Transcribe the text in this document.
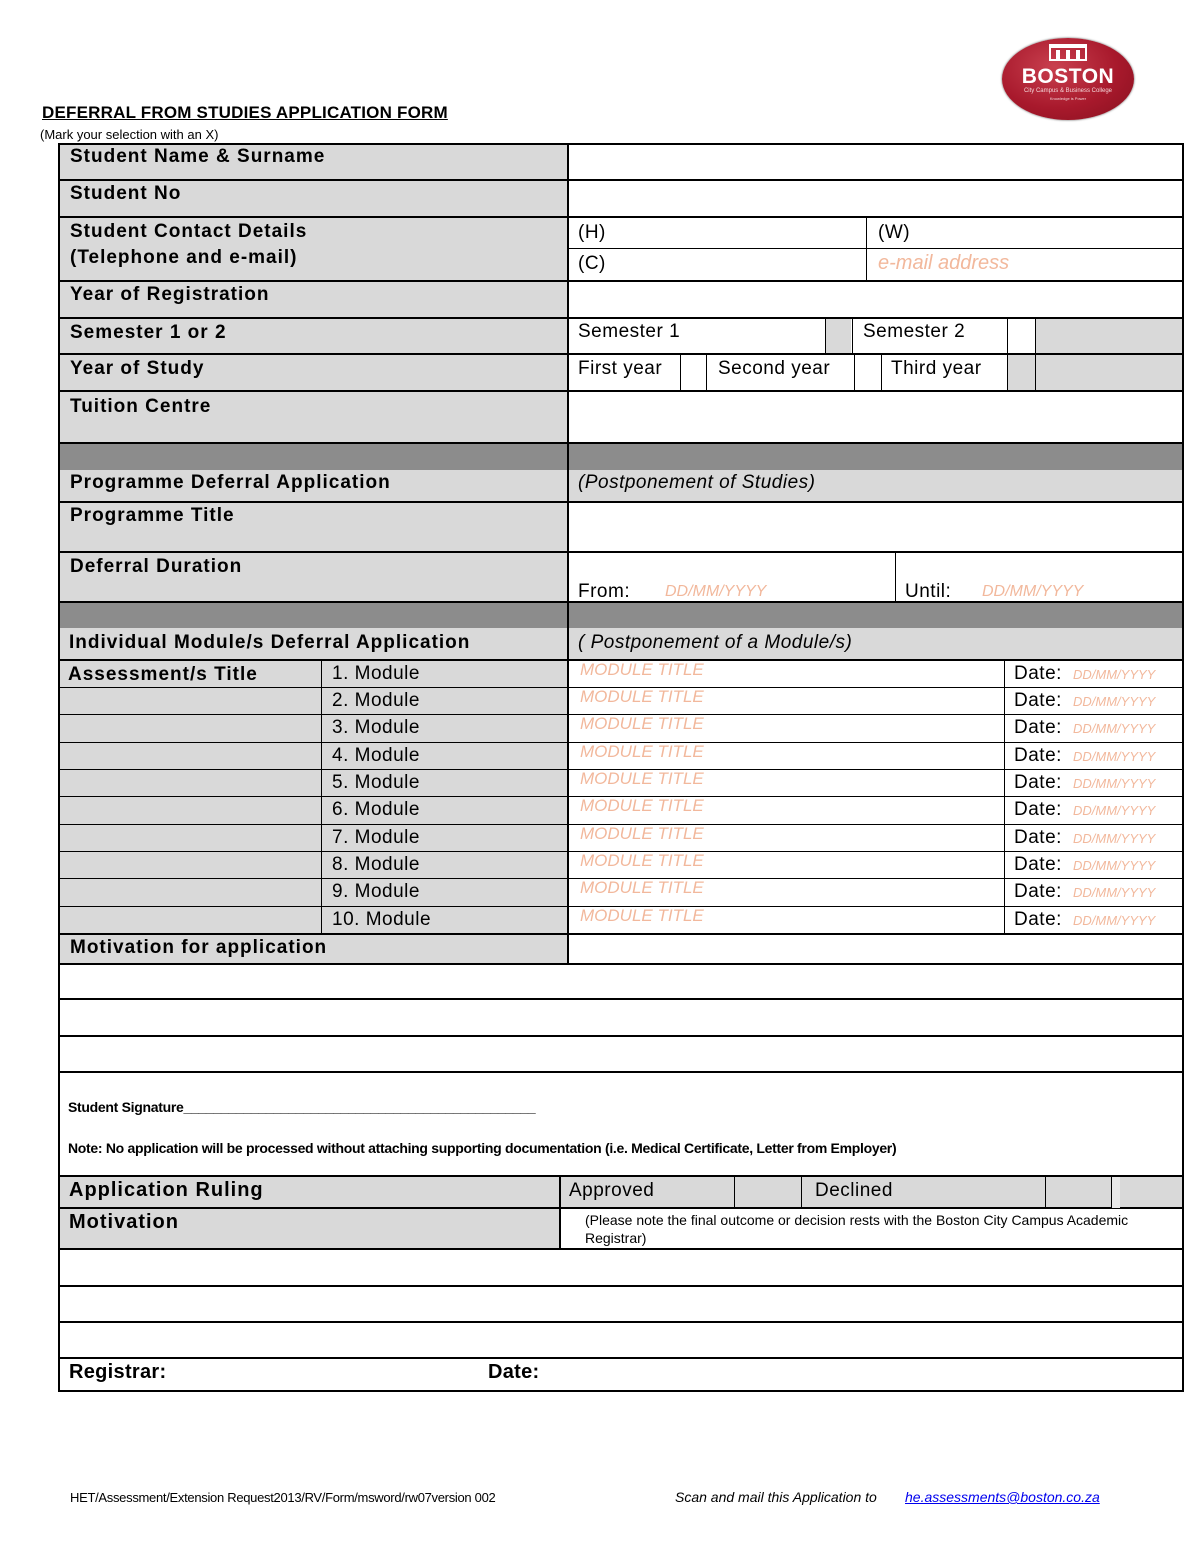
BOSTON
City Campus & Business College
Knowledge is Power
DEFERRAL FROM STUDIES APPLICATION FORM
(Mark your selection with an X)
Student Name & Surname
Student No
Student Contact Details
(Telephone and e-mail)
(H)	(W)
(C)	e-mail address
Year of Registration
Semester 1 or 2	Semester 1	Semester 2
Year of Study	First year	Second year	Third year
Tuition Centre
Programme Deferral Application	(Postponement of Studies)
Programme Title
Deferral Duration
From: DD/MM/YYYY	Until: DD/MM/YYYY
Individual Module/s Deferral Application	( Postponement of a Module/s)
Assessment/s Title	1. Module	MODULE TITLE	Date: DD/MM/YYYY
2. Module	MODULE TITLE	Date: DD/MM/YYYY
3. Module	MODULE TITLE	Date: DD/MM/YYYY
4. Module	MODULE TITLE	Date: DD/MM/YYYY
5. Module	MODULE TITLE	Date: DD/MM/YYYY
6. Module	MODULE TITLE	Date: DD/MM/YYYY
7. Module	MODULE TITLE	Date: DD/MM/YYYY
8. Module	MODULE TITLE	Date: DD/MM/YYYY
9. Module	MODULE TITLE	Date: DD/MM/YYYY
10. Module	MODULE TITLE	Date: DD/MM/YYYY
Motivation for application
Student Signature_______________________________________________
Note: No application will be processed without attaching supporting documentation (i.e. Medical Certificate, Letter from Employer)
Application Ruling	Approved	Declined
Motivation	(Please note the final outcome or decision rests with the Boston City Campus Academic Registrar)
Registrar:	Date:
HET/Assessment/Extension Request2013/RV/Form/msword/rw07version 002	Scan and mail this Application to he.assessments@boston.co.za
